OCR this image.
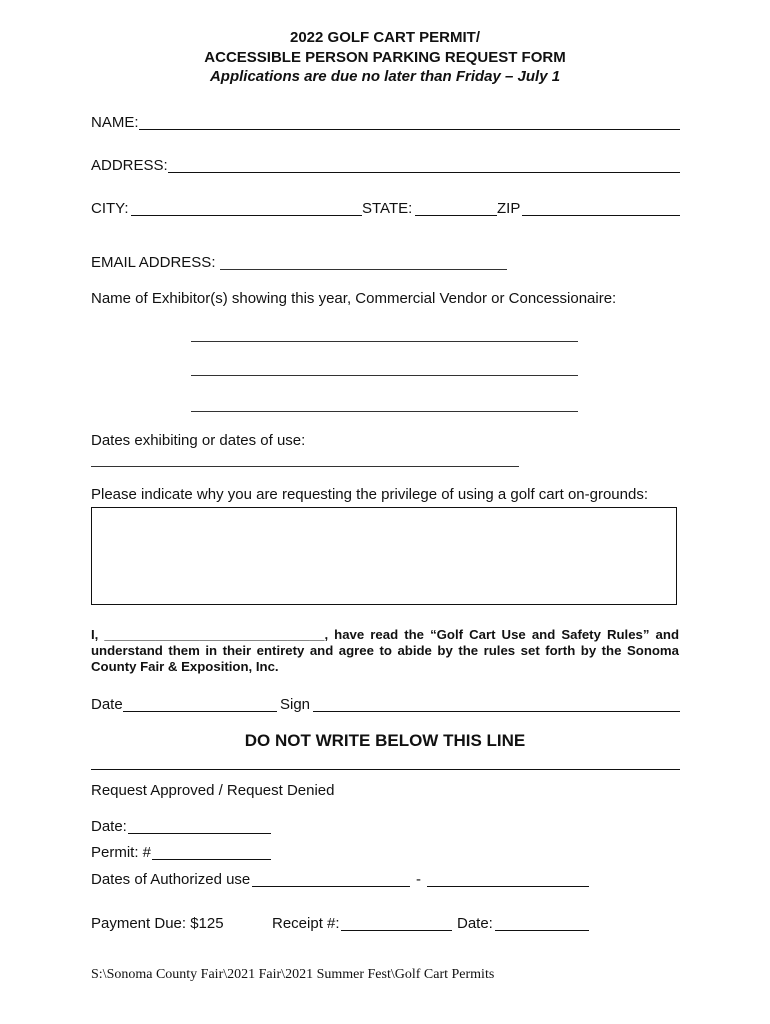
2022 GOLF CART PERMIT/
ACCESSIBLE PERSON PARKING REQUEST FORM
Applications are due no later than Friday – July 1
NAME:
ADDRESS:
CITY:	STATE:	ZIP
EMAIL ADDRESS:
Name of Exhibitor(s) showing this year, Commercial Vendor or Concessionaire:
Dates exhibiting or dates of use:
Please indicate why you are requesting the privilege of using a golf cart on-grounds:
I, ______________________________, have read the “Golf Cart Use and Safety Rules” and understand them in their entirety and agree to abide by the rules set forth by the Sonoma County Fair & Exposition, Inc.
Date	Sign
DO NOT WRITE BELOW THIS LINE
Request Approved / Request Denied
Date:
Permit: #
Dates of Authorized use	-
Payment Due: $125	Receipt #:	Date:
S:\Sonoma County Fair\2021 Fair\2021 Summer Fest\Golf Cart Permits
